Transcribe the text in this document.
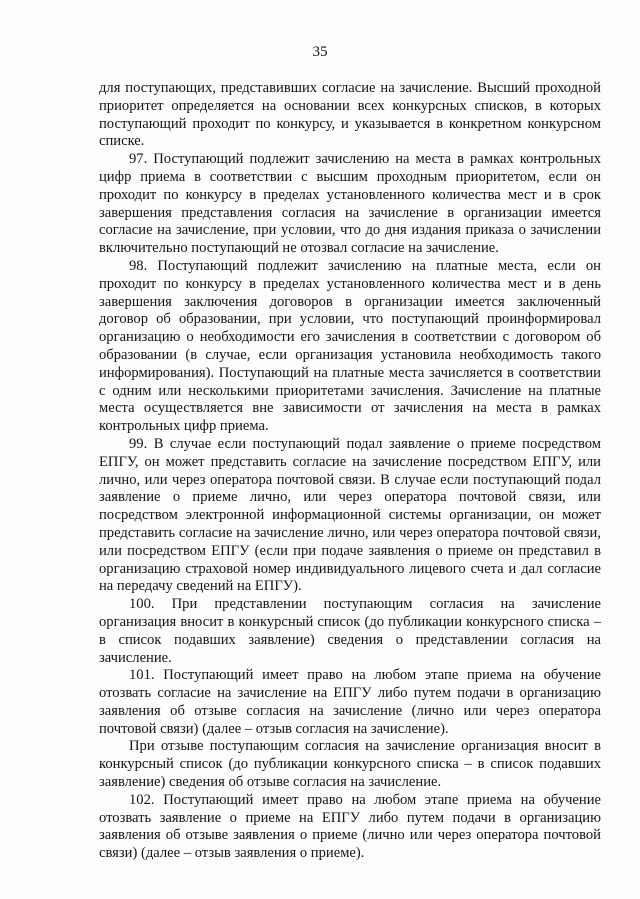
35

для поступающих, представивших согласие на зачисление. Высший проходной приоритет определяется на основании всех конкурсных списков, в которых поступающий проходит по конкурсу, и указывается в конкретном конкурсном списке.

97. Поступающий подлежит зачислению на места в рамках контрольных цифр приема в соответствии с высшим проходным приоритетом, если он проходит по конкурсу в пределах установленного количества мест и в срок завершения представления согласия на зачисление в организации имеется согласие на зачисление, при условии, что до дня издания приказа о зачислении включительно поступающий не отозвал согласие на зачисление.

98. Поступающий подлежит зачислению на платные места, если он проходит по конкурсу в пределах установленного количества мест и в день завершения заключения договоров в организации имеется заключенный договор об образовании, при условии, что поступающий проинформировал организацию о необходимости его зачисления в соответствии с договором об образовании (в случае, если организация установила необходимость такого информирования). Поступающий на платные места зачисляется в соответствии с одним или несколькими приоритетами зачисления. Зачисление на платные места осуществляется вне зависимости от зачисления на места в рамках контрольных цифр приема.

99. В случае если поступающий подал заявление о приеме посредством ЕПГУ, он может представить согласие на зачисление посредством ЕПГУ, или лично, или через оператора почтовой связи. В случае если поступающий подал заявление о приеме лично, или через оператора почтовой связи, или посредством электронной информационной системы организации, он может представить согласие на зачисление лично, или через оператора почтовой связи, или посредством ЕПГУ (если при подаче заявления о приеме он представил в организацию страховой номер индивидуального лицевого счета и дал согласие на передачу сведений на ЕПГУ).

100. При представлении поступающим согласия на зачисление организация вносит в конкурсный список (до публикации конкурсного списка – в список подавших заявление) сведения о представлении согласия на зачисление.

101. Поступающий имеет право на любом этапе приема на обучение отозвать согласие на зачисление на ЕПГУ либо путем подачи в организацию заявления об отзыве согласия на зачисление (лично или через оператора почтовой связи) (далее – отзыв согласия на зачисление).

При отзыве поступающим согласия на зачисление организация вносит в конкурсный список (до публикации конкурсного списка – в список подавших заявление) сведения об отзыве согласия на зачисление.

102. Поступающий имеет право на любом этапе приема на обучение отозвать заявление о приеме на ЕПГУ либо путем подачи в организацию заявления об отзыве заявления о приеме (лично или через оператора почтовой связи) (далее – отзыв заявления о приеме).
